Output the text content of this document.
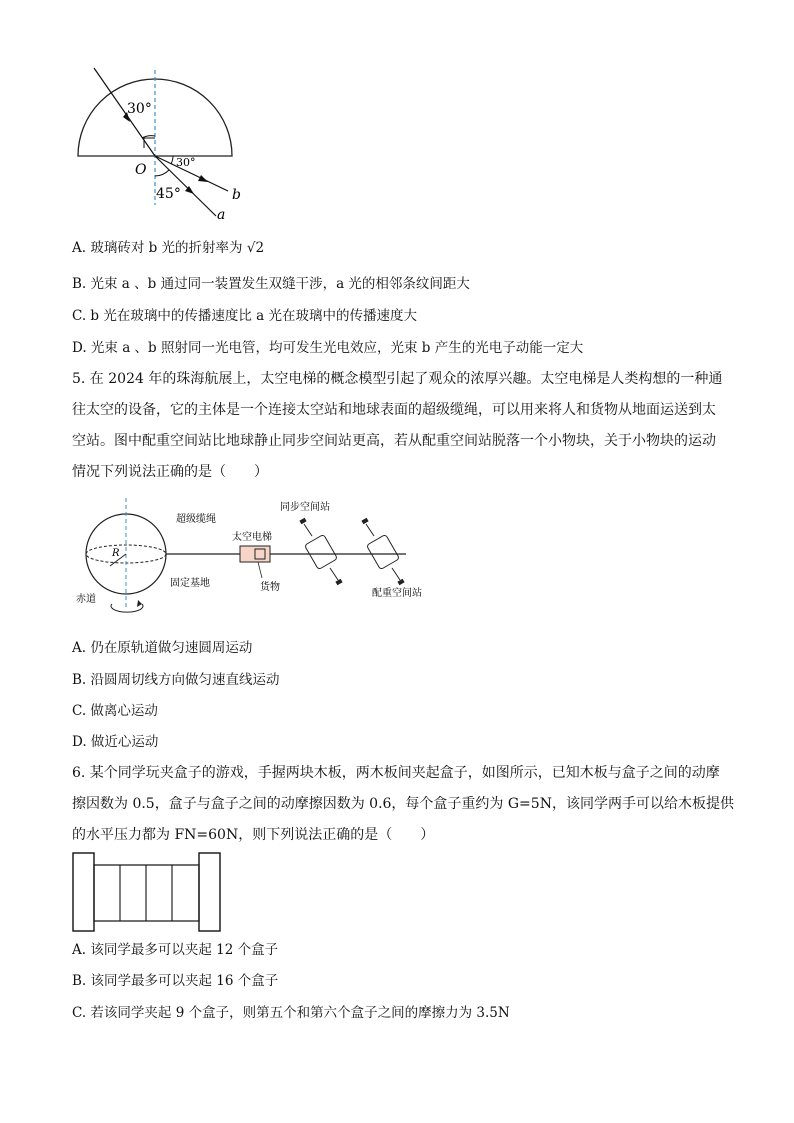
30°
30°
45°
O
b
a
A. 玻璃砖对 b 光的折射率为 √2
B. 光束 a 、b 通过同一装置发生双缝干涉，a 光的相邻条纹间距大
C. b 光在玻璃中的传播速度比 a 光在玻璃中的传播速度大
D. 光束 a 、b 照射同一光电管，均可发生光电效应，光束 b 产生的光电子动能一定大
5. 在 2024 年的珠海航展上，太空电梯的概念模型引起了观众的浓厚兴趣。太空电梯是人类构想的一种通
往太空的设备，它的主体是一个连接太空站和地球表面的超级缆绳，可以用来将人和货物从地面运送到太
空站。图中配重空间站比地球静止同步空间站更高，若从配重空间站脱落一个小物块，关于小物块的运动
情况下列说法正确的是（　　）
R
超级缆绳
太空电梯
同步空间站
固定基地	货物
配重空间站
赤道
A. 仍在原轨道做匀速圆周运动
B. 沿圆周切线方向做匀速直线运动
C. 做离心运动
D. 做近心运动
6. 某个同学玩夹盒子的游戏，手握两块木板，两木板间夹起盒子，如图所示，已知木板与盒子之间的动摩
擦因数为 0.5，盒子与盒子之间的动摩擦因数为 0.6，每个盒子重约为 G=5N，该同学两手可以给木板提供
的水平压力都为 FN=60N，则下列说法正确的是（　　）
A. 该同学最多可以夹起 12 个盒子
B. 该同学最多可以夹起 16 个盒子
C. 若该同学夹起 9 个盒子，则第五个和第六个盒子之间的摩擦力为 3.5N
